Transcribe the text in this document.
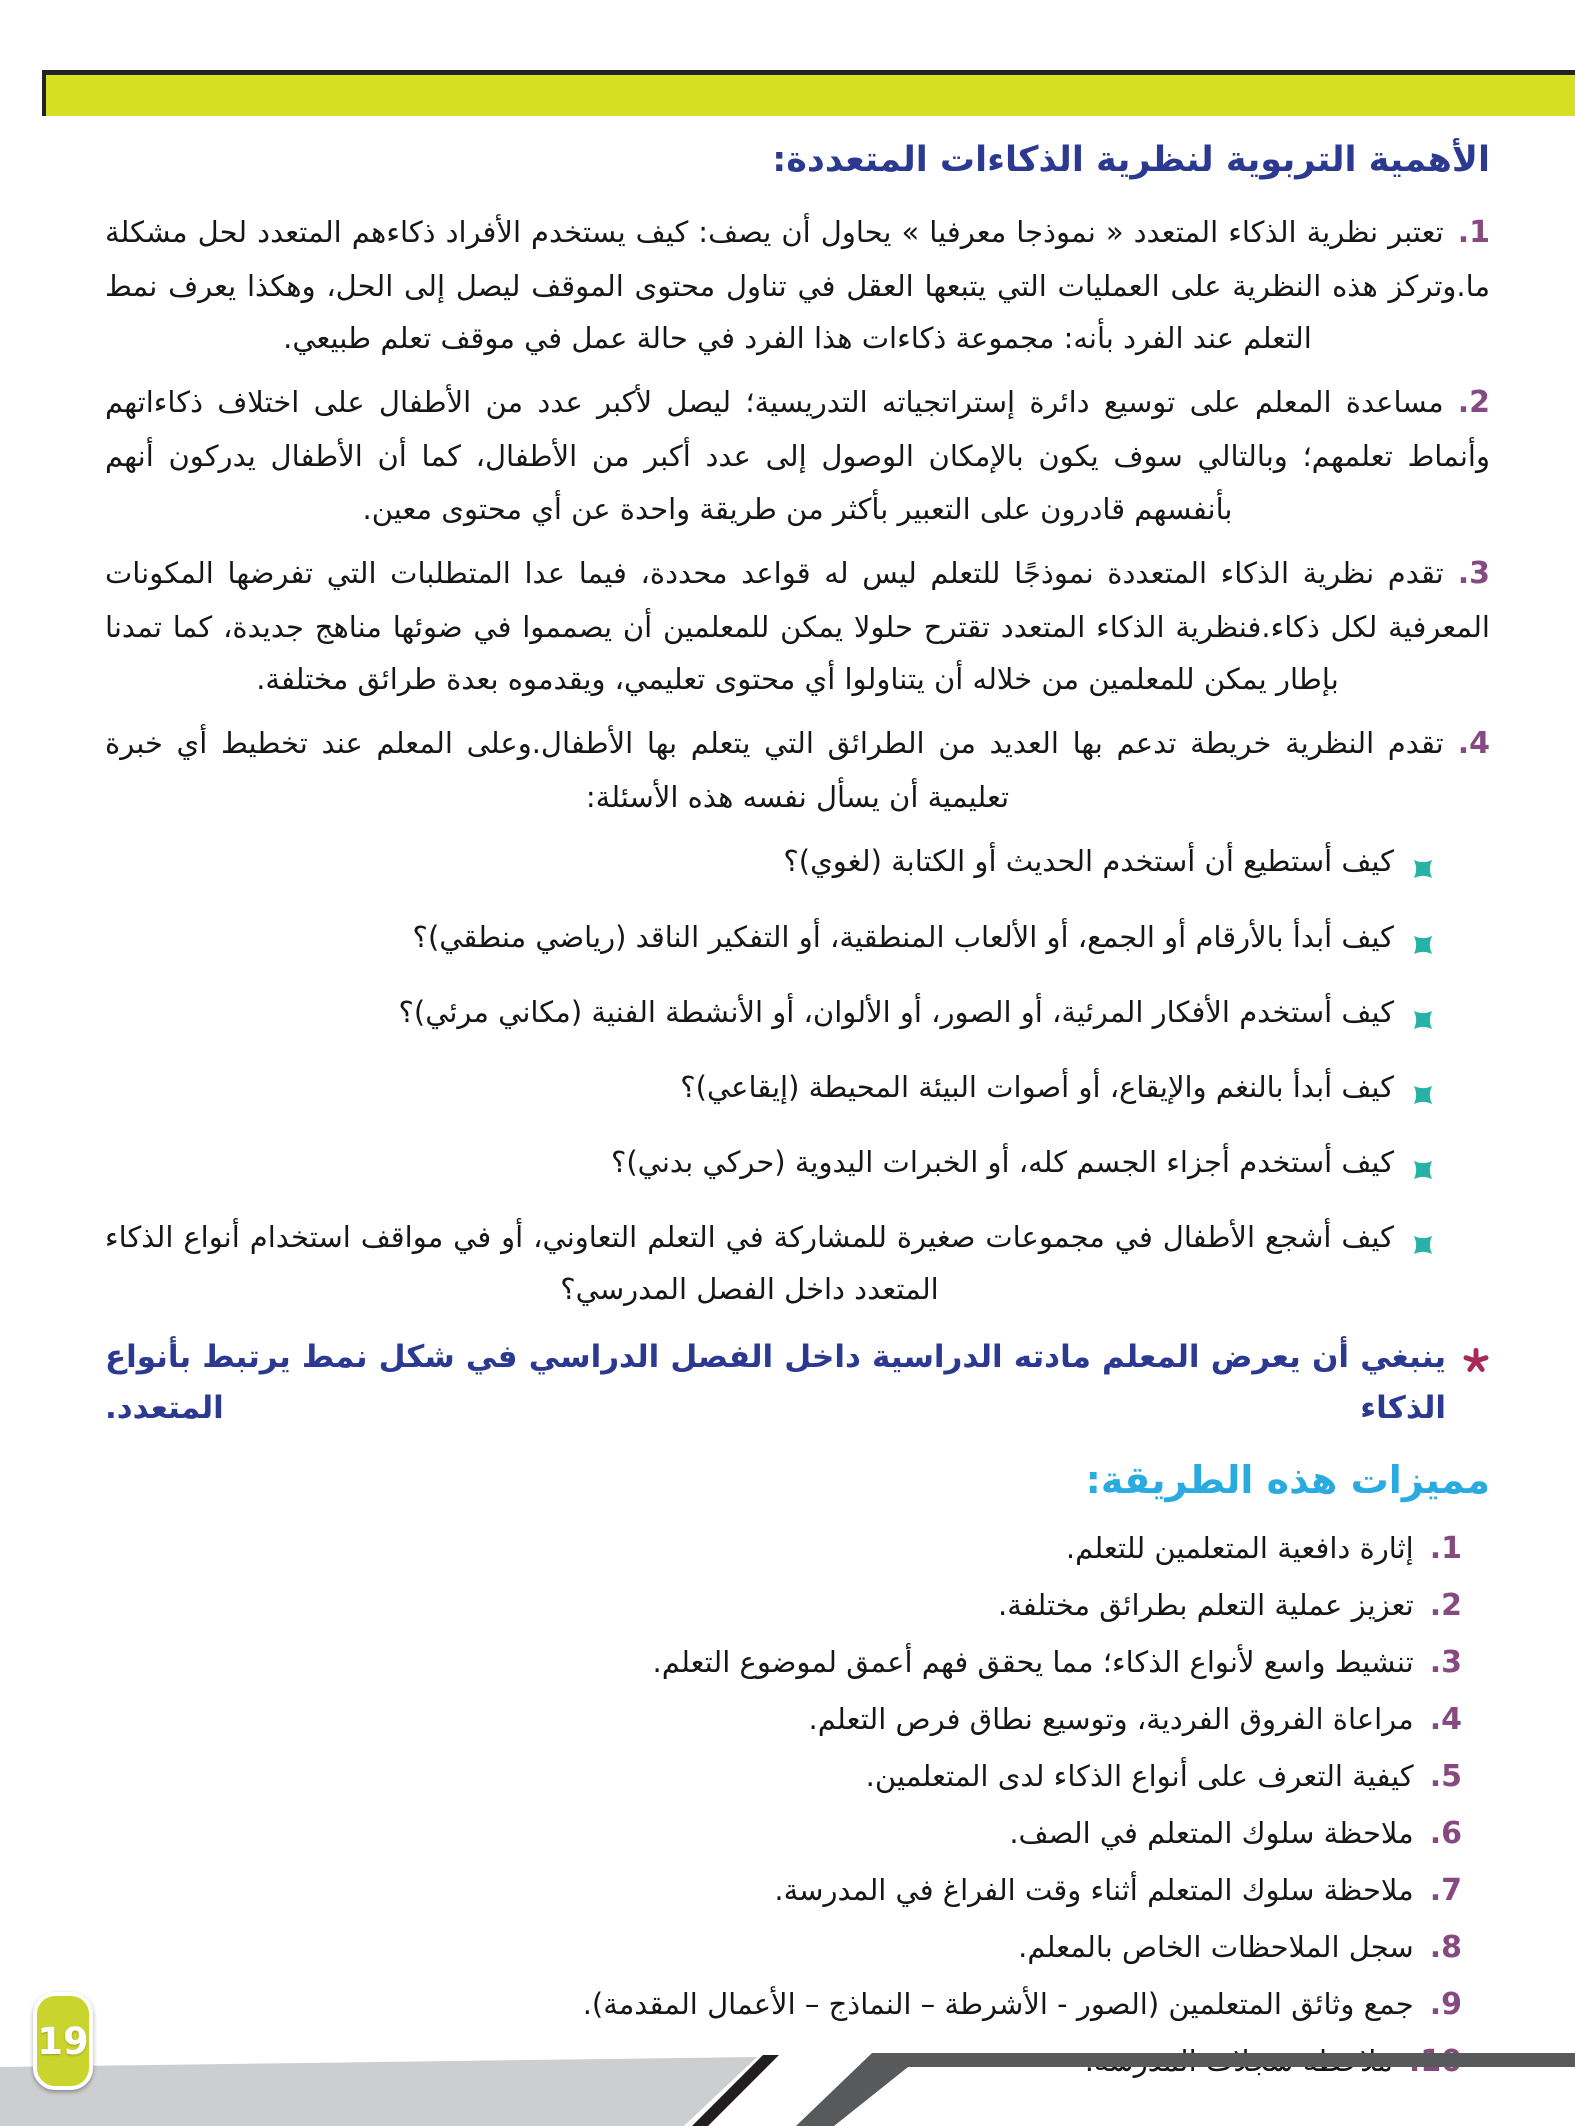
الأهمية التربوية لنظرية الذكاءات المتعددة:

1.تعتبر نظرية الذكاء المتعدد « نموذجا معرفيا » يحاول أن يصف: كيف يستخدم الأفراد ذكاءهم المتعدد لحل مشكلة ما.وتركز هذه النظرية على العمليات التي يتبعها العقل في تناول محتوى الموقف ليصل إلى الحل، وهكذا يعرف نمط التعلم عند الفرد بأنه: مجموعة ذكاءات هذا الفرد في حالة عمل في موقف تعلم طبيعي.

2.مساعدة المعلم على توسيع دائرة إستراتجياته التدريسية؛ ليصل لأكبر عدد من الأطفال على اختلاف ذكاءاتهم وأنماط تعلمهم؛ وبالتالي سوف يكون بالإمكان الوصول إلى عدد أكبر من الأطفال، كما أن الأطفال يدركون أنهم بأنفسهم قادرون على التعبير بأكثر من طريقة واحدة عن أي محتوى معين.

3.تقدم نظرية الذكاء المتعددة نموذجًا للتعلم ليس له قواعد محددة، فيما عدا المتطلبات التي تفرضها المكونات المعرفية لكل ذكاء.فنظرية الذكاء المتعدد تقترح حلولا يمكن للمعلمين أن يصمموا في ضوئها مناهج جديدة، كما تمدنا بإطار يمكن للمعلمين من خلاله أن يتناولوا أي محتوى تعليمي، ويقدموه بعدة طرائق مختلفة.

4.تقدم النظرية خريطة تدعم بها العديد من الطرائق التي يتعلم بها الأطفال.وعلى المعلم عند تخطيط أي خبرة تعليمية أن يسأل نفسه هذه الأسئلة:

كيف أستطيع أن أستخدم الحديث أو الكتابة (لغوي)؟
كيف أبدأ بالأرقام أو الجمع، أو الألعاب المنطقية، أو التفكير الناقد (رياضي منطقي)؟
كيف أستخدم الأفكار المرئية، أو الصور، أو الألوان، أو الأنشطة الفنية (مكاني مرئي)؟
كيف أبدأ بالنغم والإيقاع، أو أصوات البيئة المحيطة (إيقاعي)؟
كيف أستخدم أجزاء الجسم كله، أو الخبرات اليدوية (حركي بدني)؟
كيف أشجع الأطفال في مجموعات صغيرة للمشاركة في التعلم التعاوني، أو في مواقف استخدام أنواع الذكاء المتعدد داخل الفصل المدرسي؟
ينبغي أن يعرض المعلم مادته الدراسية داخل الفصل الدراسي في شكل نمط يرتبط بأنواع الذكاء المتعدد.
مميزات هذه الطريقة:
1.
إثارة دافعية المتعلمين للتعلم.
2.
تعزيز عملية التعلم بطرائق مختلفة.
3.
تنشيط واسع لأنواع الذكاء؛ مما يحقق فهم أعمق لموضوع التعلم.
4.
مراعاة الفروق الفردية، وتوسيع نطاق فرص التعلم.
5.
كيفية التعرف على أنواع الذكاء لدى المتعلمين.
6.
ملاحظة سلوك المتعلم في الصف.
7.
ملاحظة سلوك المتعلم أثناء وقت الفراغ في المدرسة.
8.
سجل الملاحظات الخاص بالمعلم.
9.
جمع وثائق المتعلمين (الصور - الأشرطة – النماذج – الأعمال المقدمة).
19
